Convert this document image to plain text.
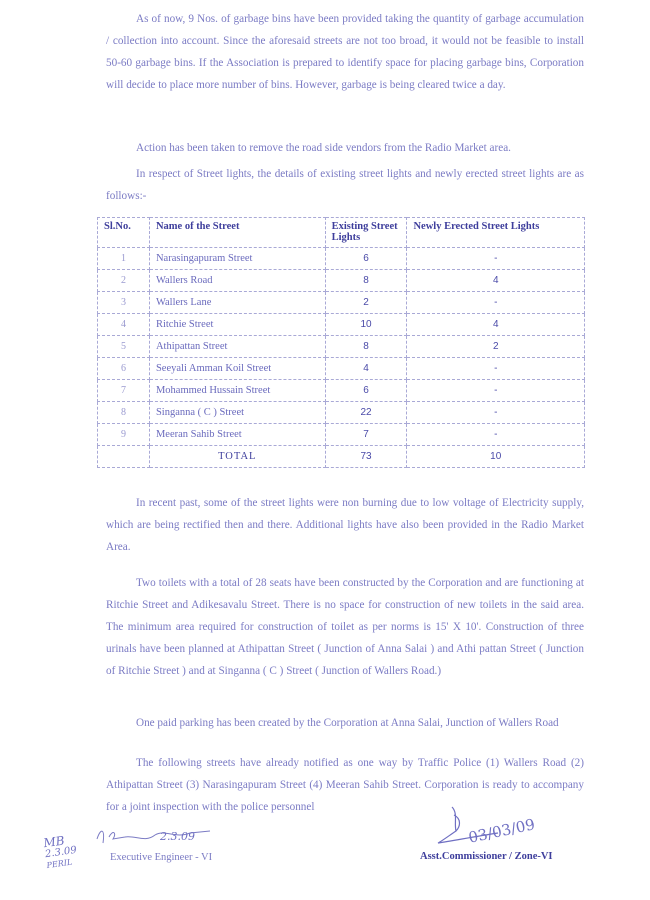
As of now, 9 Nos. of garbage bins have been provided taking the quantity of garbage accumulation / collection into account. Since the aforesaid streets are not too broad, it would not be feasible to install 50-60 garbage bins. If the Association is prepared to identify space for placing garbage bins, Corporation will decide to place more number of bins. However, garbage is being cleared twice a day.

Action has been taken to remove the road side vendors from the Radio Market area.

In respect of Street lights, the details of existing street lights and newly erected street lights are as follows:-

Sl.No.	Name of the Street	Existing Street Lights	Newly Erected Street Lights
1	Narasingapuram Street	6	-
2	Wallers Road	8	4
3	Wallers Lane	2	-
4	Ritchie Street	10	4
5	Athipattan Street	8	2
6	Seeyali Amman Koil Street	4	-
7	Mohammed Hussain Street	6	-
8	Singanna ( C ) Street	22	-
9	Meeran Sahib Street	7	-
	TOTAL	73	10

In recent past, some of the street lights were non burning due to low voltage of Electricity supply, which are being rectified then and there. Additional lights have also been provided in the Radio Market Area.

Two toilets with a total of 28 seats have been constructed by the Corporation and are functioning at Ritchie Street and Adikesavalu Street. There is no space for construction of new toilets in the said area. The minimum area required for construction of toilet as per norms is 15' X 10'. Construction of three urinals have been planned at Athipattan Street ( Junction of Anna Salai ) and Athi pattan Street ( Junction of Ritchie Street ) and at Singanna ( C ) Street ( Junction of Wallers Road.)

One paid parking has been created by the Corporation at Anna Salai, Junction of Wallers Road

The following streets have already notified as one way by Traffic Police (1) Wallers Road (2) Athipattan Street (3) Narasingapuram Street (4) Meeran Sahib Street. Corporation is ready to accompany for a joint inspection with the police personnel

MB
2.3.09
PERIL
2.3.09
Executive Engineer - VI
03/03/09
Asst.Commissioner / Zone-VI
